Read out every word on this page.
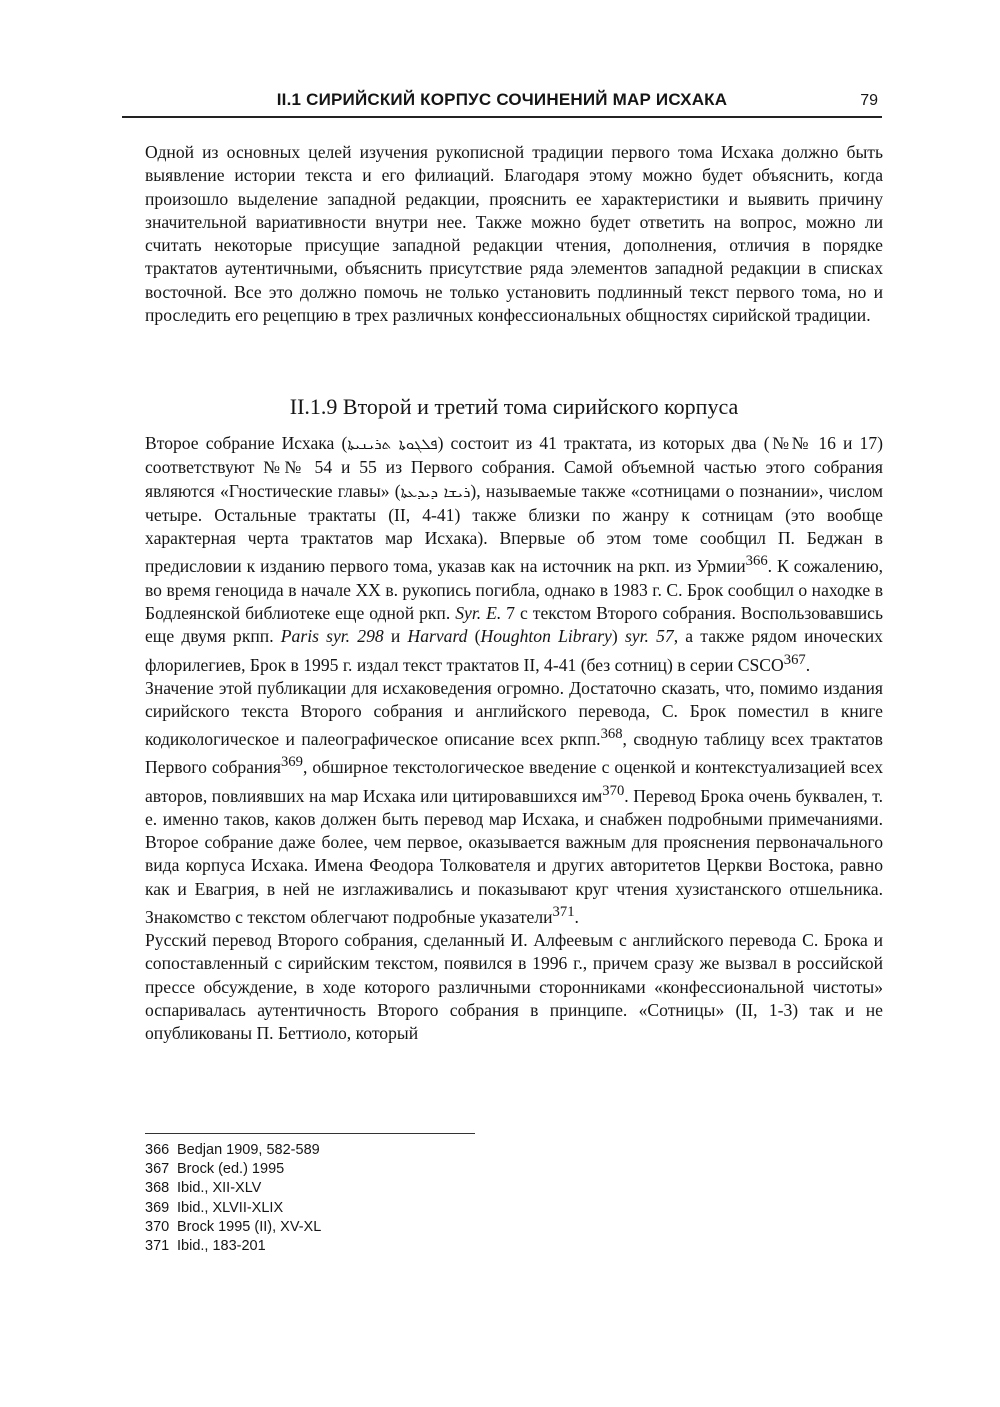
II.1 СИРИЙСКИЙ КОРПУС СОЧИНЕНИЙ МАР ИСХАКА	79

Одной из основных целей изучения рукописной традиции первого тома Исхака должно быть выявление истории текста и его филиаций. Благодаря этому можно будет объяснить, когда произошло выделение западной редакции, прояснить ее характеристики и выявить причину значительной вариативности внутри нее. Также можно будет ответить на вопрос, можно ли считать некоторые присущие западной редакции чтения, дополнения, отличия в порядке трактатов аутентичными, объяснить присутствие ряда элементов западной редакции в списках восточной. Все это должно помочь не только установить подлинный текст первого тома, но и проследить его рецепцию в трех различных конфессиональных общностях сирийской традиции.

II.1.9 Второй и третий тома сирийского корпуса

Второе собрание Исхака (ܦܠܓܘܬܐ ܬܪܝܢܝܬܐ) состоит из 41 трактата, из которых два (№№ 16 и 17) соответствуют №№ 54 и 55 из Первого собрания. Самой объемной частью этого собрания являются «Гностические главы» (ܪܝܫܐ ܕܝܕܥܬܐ), называемые также «сотницами о познании», числом четыре. Остальные трактаты (II, 4-41) также близки по жанру к сотницам (это вообще характерная черта трактатов мар Исхака). Впервые об этом томе сообщил П. Беджан в предисловии к изданию первого тома, указав как на источник на ркп. из Урмии$^{366}$. К сожалению, во время геноцида в начале XX в. рукопись погибла, однако в 1983 г. С. Брок сообщил о находке в Бодлеянской библиотеке еще одной ркп. Syr. E. 7 с текстом Второго собрания. Воспользовавшись еще двумя ркпп. Paris syr. 298 и Harvard (Houghton Library) syr. 57, а также рядом иноческих флорилегиев, Брок в 1995 г. издал текст трактатов II, 4-41 (без сотниц) в серии CSCO$^{367}$.

Значение этой публикации для исхаковедения огромно. Достаточно сказать, что, помимо издания сирийского текста Второго собрания и английского перевода, С. Брок поместил в книге кодикологическое и палеографическое описание всех ркпп.$^{368}$, сводную таблицу всех трактатов Первого собрания$^{369}$, обширное текстологическое введение с оценкой и контекстуализацией всех авторов, повлиявших на мар Исхака или цитировавшихся $им^{370}$. Перевод Брока очень буквален, т. е. именно таков, каков должен быть перевод мар Исхака, и снабжен подробными примечаниями. Второе собрание даже более, чем первое, оказывается важным для прояснения первоначального вида корпуса Исхака. Имена Феодора Толкователя и других авторитетов Церкви Востока, равно как и Евагрия, в ней не изглаживались и показывают круг чтения хузистанского отшельника. Знакомство с текстом облегчают подробные указатели$^{371}$.

Русский перевод Второго собрания, сделанный И. Алфеевым с английского перевода С. Брока и сопоставленный с сирийским текстом, появился в 1996 г., причем сразу же вызвал в российской прессе обсуждение, в ходе которого различными сторонниками «конфессиональной чистоты» оспаривалась аутентичность Второго собрания в принципе. «Сотницы» (II, 1-3) так и не опубликованы П. Беттиоло, который

366 Bedjan 1909, 582-589
367 Brock (ed.) 1995
368 Ibid., XII-XLV
369 Ibid., XLVII-XLIX
370 Brock 1995 (II), XV-XL
371 Ibid., 183-201
